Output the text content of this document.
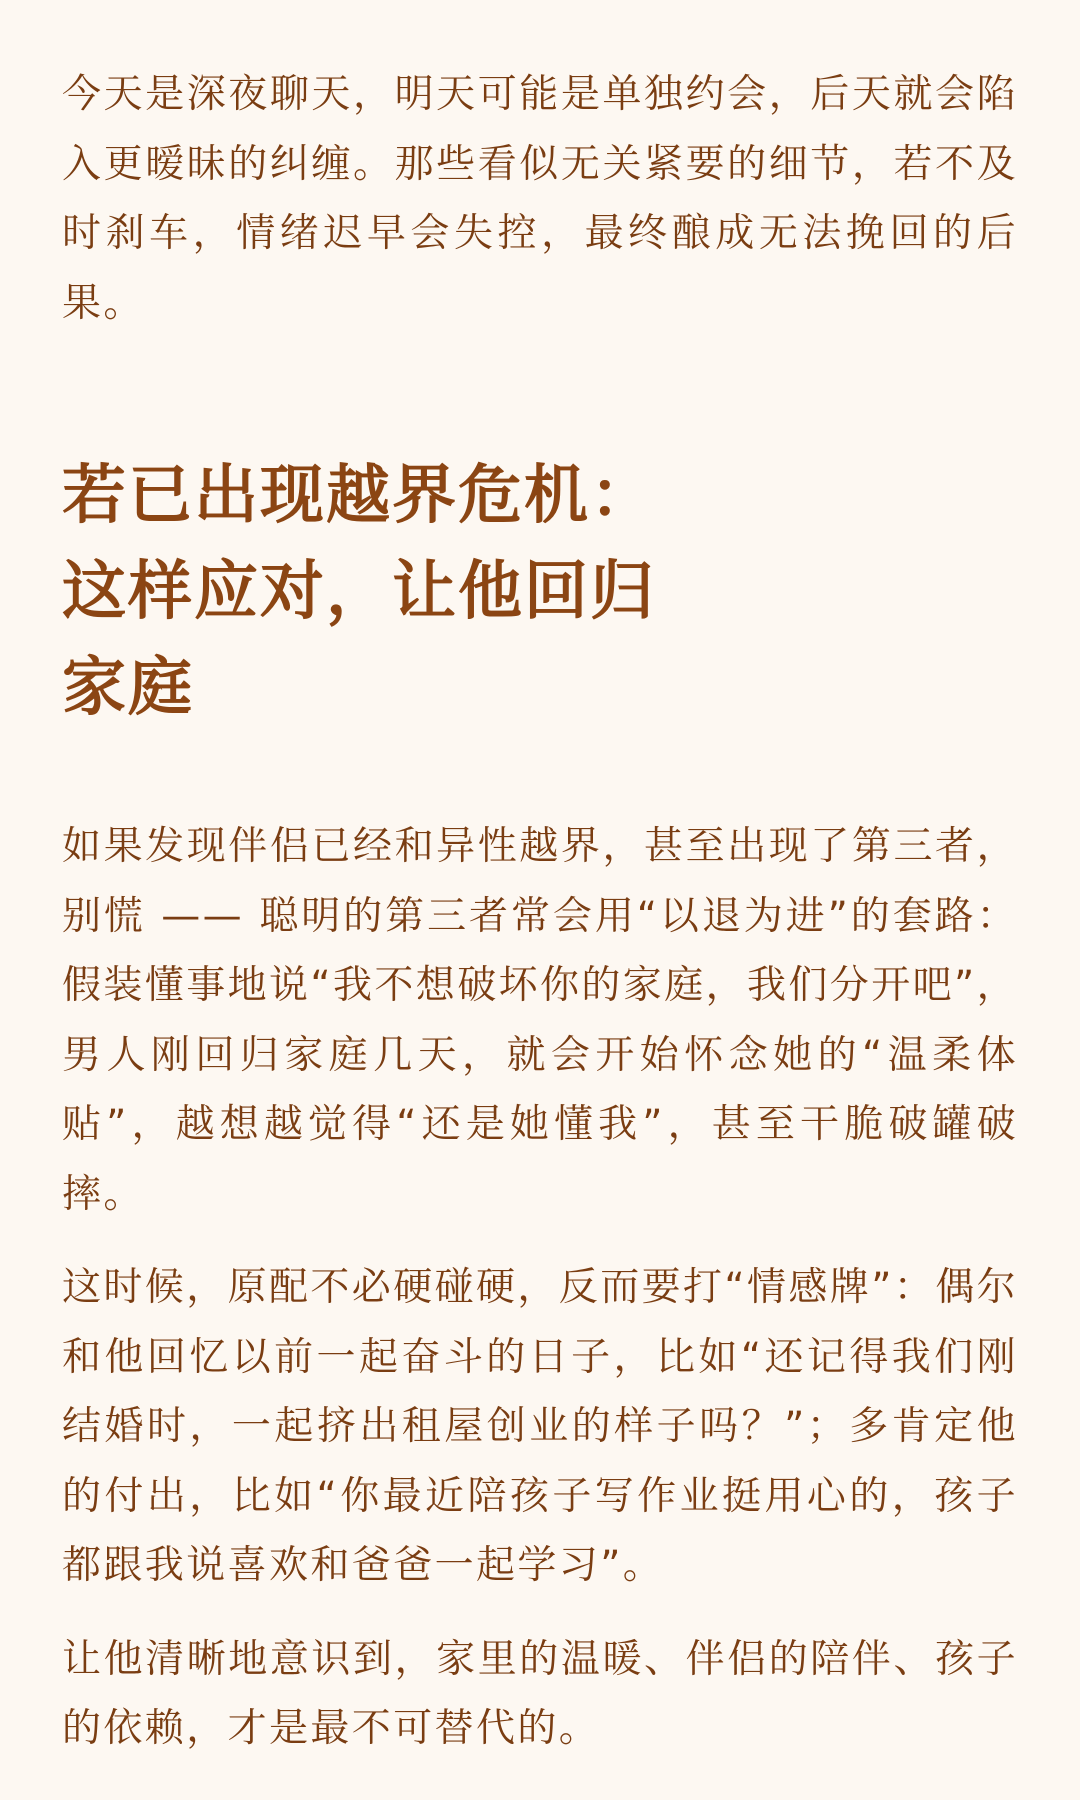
今天是深夜聊天，明天可能是单独约会，后天就会陷入更暧昧的纠缠。那些看似无关紧要的细节，若不及时刹车，情绪迟早会失控，最终酿成无法挽回的后果。

若已出现越界危机：
这样应对，让他回归
家庭

如果发现伴侣已经和异性越界，甚至出现了第三者，别慌 —— 聪明的第三者常会用“以退为进”的套路：假装懂事地说“我不想破坏你的家庭，我们分开吧”，男人刚回归家庭几天，就会开始怀念她的“温柔体贴”，越想越觉得“还是她懂我”，甚至干脆破罐破摔。

这时候，原配不必硬碰硬，反而要打“情感牌”：偶尔和他回忆以前一起奋斗的日子，比如“还记得我们刚结婚时，一起挤出租屋创业的样子吗？”；多肯定他的付出，比如“你最近陪孩子写作业挺用心的，孩子都跟我说喜欢和爸爸一起学习”。

让他清晰地意识到，家里的温暖、伴侣的陪伴、孩子的依赖，才是最不可替代的。
